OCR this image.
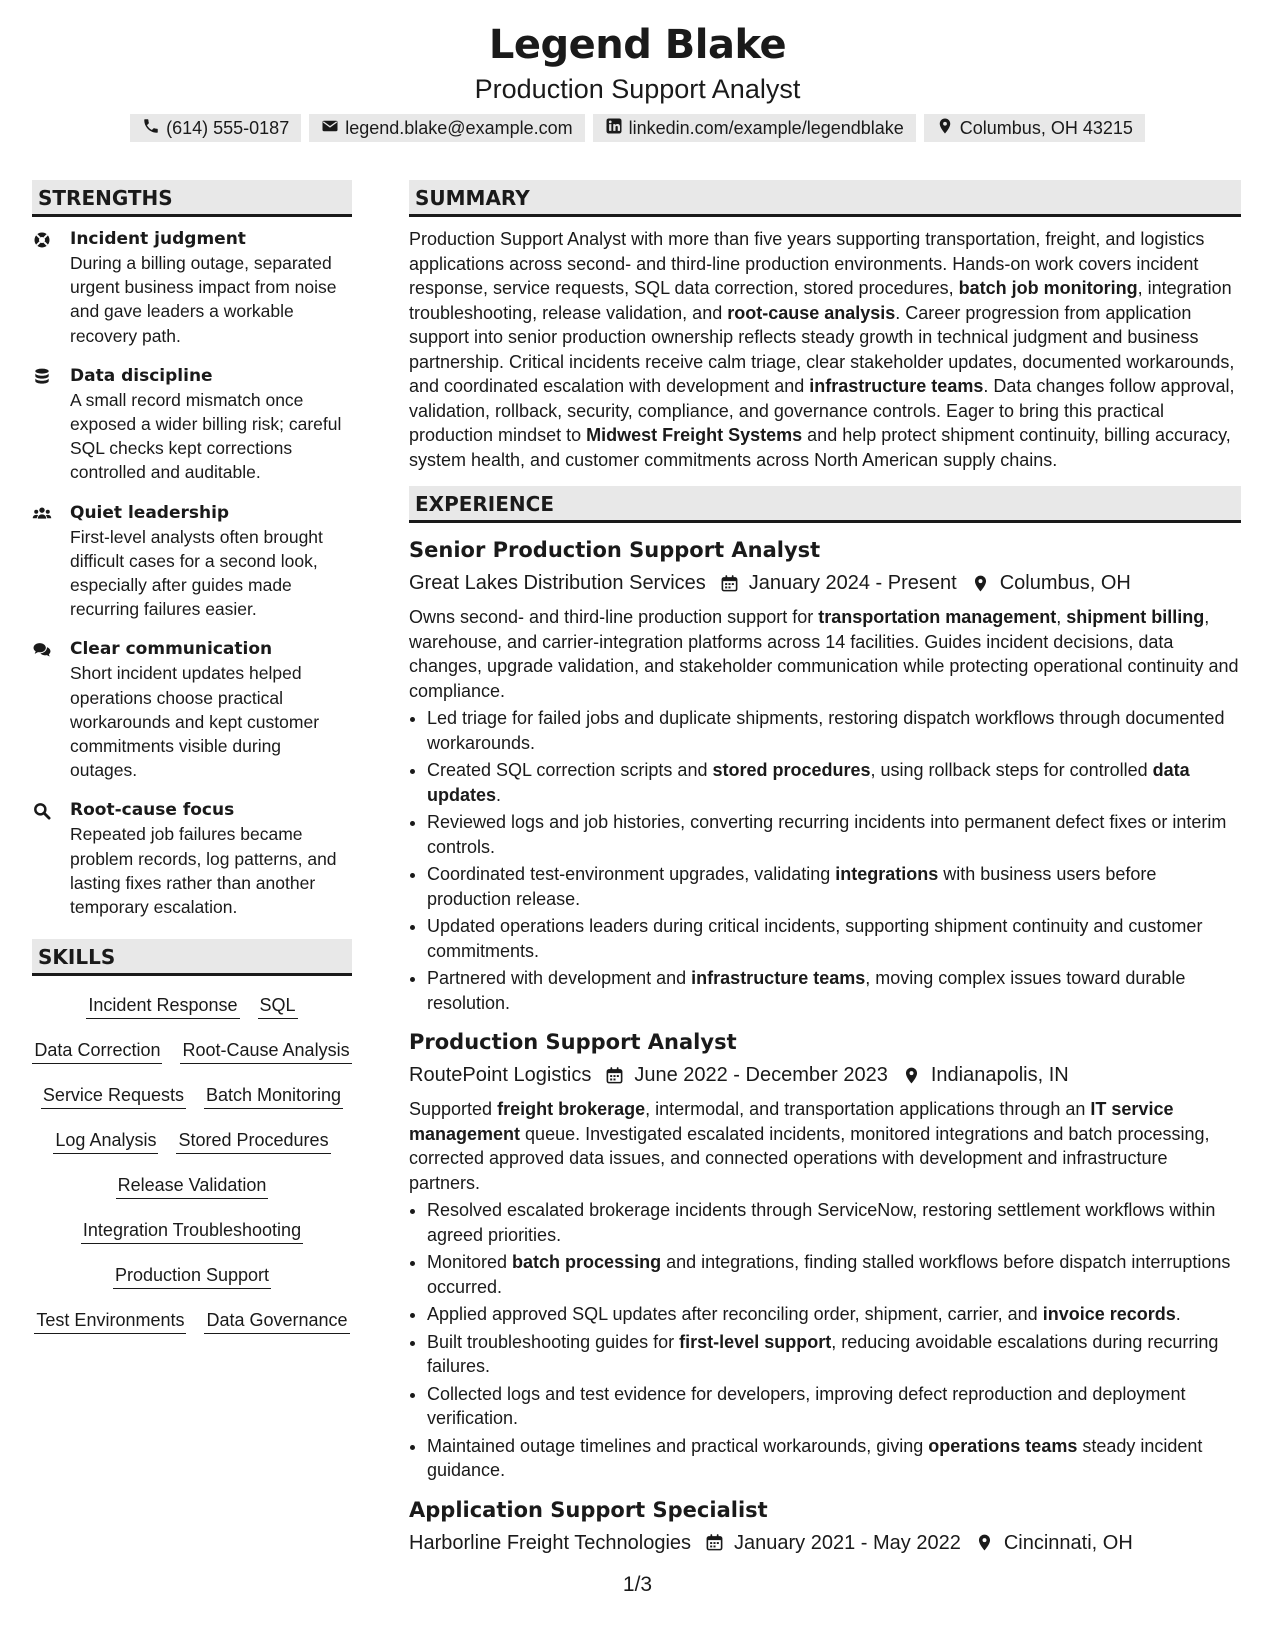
Legend Blake
Production Support Analyst
(614) 555-0187	legend.blake@example.com	linkedin.com/example/legendblake	Columbus, OH 43215
STRENGTHS
Incident judgment
During a billing outage, separated urgent business impact from noise and gave leaders a workable recovery path.
Data discipline
A small record mismatch once exposed a wider billing risk; careful SQL checks kept corrections controlled and auditable.
Quiet leadership
First-level analysts often brought difficult cases for a second look, especially after guides made recurring failures easier.
Clear communication
Short incident updates helped operations choose practical workarounds and kept customer commitments visible during outages.
Root-cause focus
Repeated job failures became problem records, log patterns, and lasting fixes rather than another temporary escalation.
SKILLS
Incident Response SQL
Data Correction Root-Cause Analysis
Service Requests Batch Monitoring
Log Analysis Stored Procedures
Release Validation
Integration Troubleshooting
Production Support
Test Environments Data Governance
SUMMARY

Production Support Analyst with more than five years supporting transportation, freight, and logistics applications across second- and third-line production environments. Hands-on work covers incident response, service requests, SQL data correction, stored procedures, batch job monitoring, integration troubleshooting, release validation, and root-cause analysis. Career progression from application support into senior production ownership reflects steady growth in technical judgment and business partnership. Critical incidents receive calm triage, clear stakeholder updates, documented workarounds, and coordinated escalation with development and infrastructure teams. Data changes follow approval, validation, rollback, security, compliance, and governance controls. Eager to bring this practical production mindset to Midwest Freight Systems and help protect shipment continuity, billing accuracy, system health, and customer commitments across North American supply chains.

EXPERIENCE
Senior Production Support Analyst
Great Lakes Distribution Services January 2024 - Present Columbus, OH
Owns second- and third-line production support for transportation management, shipment billing, warehouse, and carrier-integration platforms across 14 facilities. Guides incident decisions, data changes, upgrade validation, and stakeholder communication while protecting operational continuity and compliance.
• Led triage for failed jobs and duplicate shipments, restoring dispatch workflows through documented workarounds.
• Created SQL correction scripts and stored procedures, using rollback steps for controlled data updates.
• Reviewed logs and job histories, converting recurring incidents into permanent defect fixes or interim controls.
• Coordinated test-environment upgrades, validating integrations with business users before production release.
• Updated operations leaders during critical incidents, supporting shipment continuity and customer commitments.
• Partnered with development and infrastructure teams, moving complex issues toward durable resolution.
Production Support Analyst
RoutePoint Logistics June 2022 - December 2023 Indianapolis, IN
Supported freight brokerage, intermodal, and transportation applications through an IT service management queue. Investigated escalated incidents, monitored integrations and batch processing, corrected approved data issues, and connected operations with development and infrastructure partners.
• Resolved escalated brokerage incidents through ServiceNow, restoring settlement workflows within agreed priorities.
• Monitored batch processing and integrations, finding stalled workflows before dispatch interruptions occurred.
• Applied approved SQL updates after reconciling order, shipment, carrier, and invoice records.
• Built troubleshooting guides for first-level support, reducing avoidable escalations during recurring failures.
• Collected logs and test evidence for developers, improving defect reproduction and deployment verification.
• Maintained outage timelines and practical workarounds, giving operations teams steady incident guidance.
Application Support Specialist
Harborline Freight Technologies January 2021 - May 2022 Cincinnati, OH
1/3
